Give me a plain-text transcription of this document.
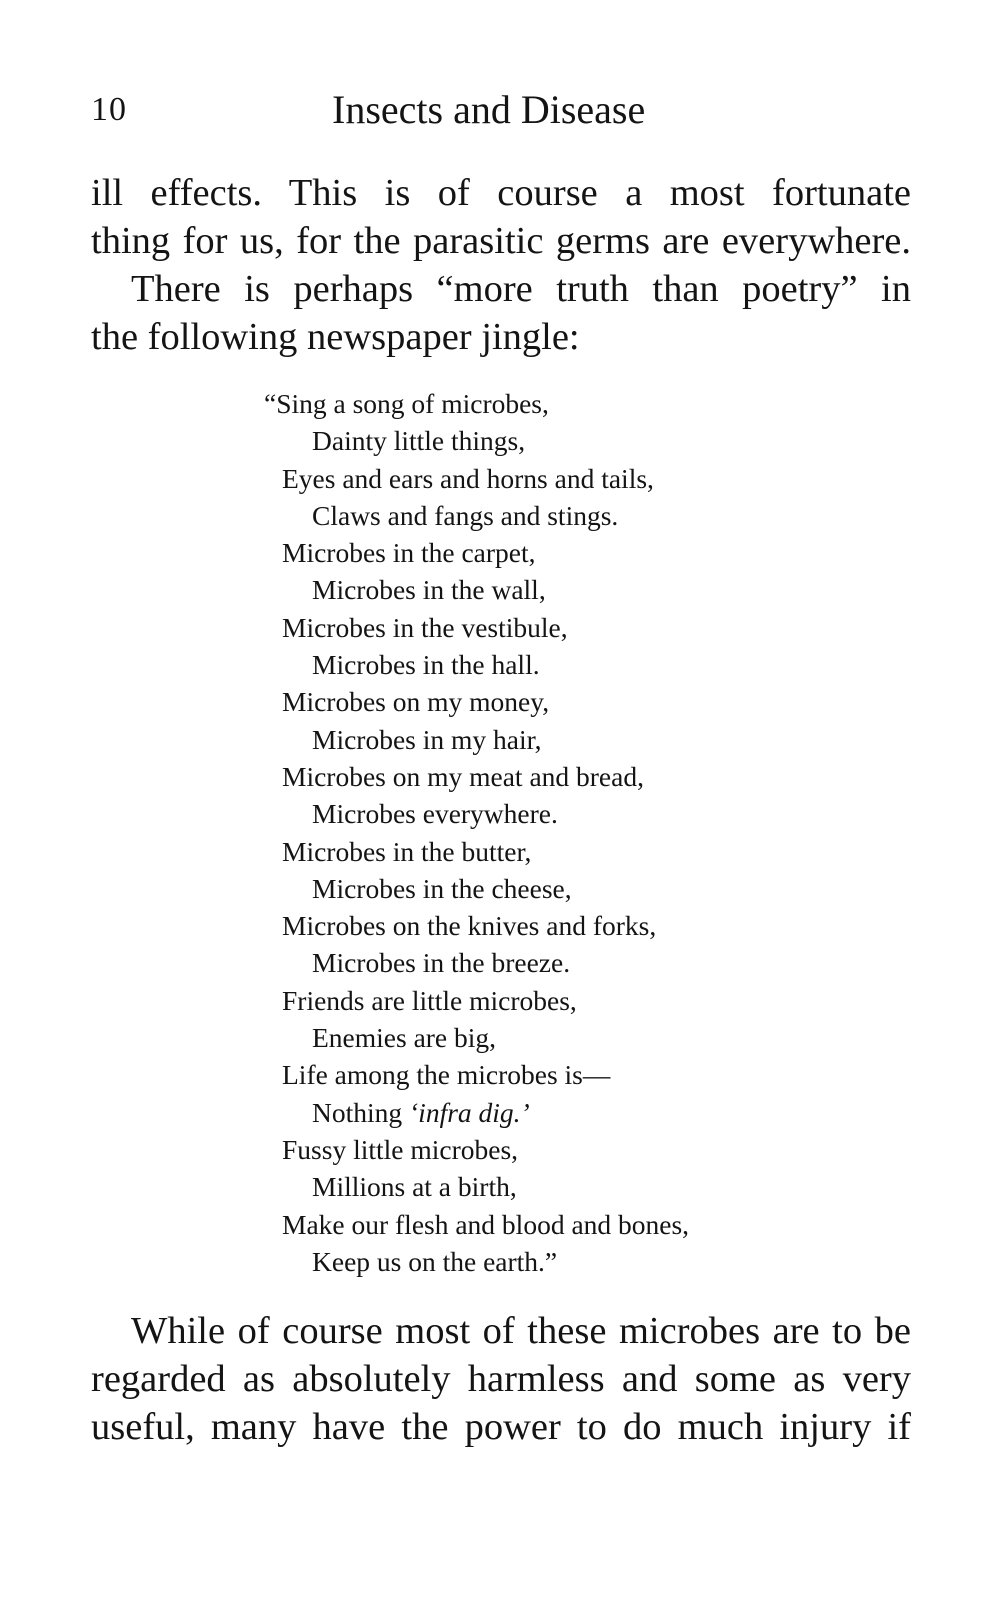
10	Insects and Disease

ill effects. This is of course a most fortunate
thing for us, for the parasitic germs are everywhere.
There is perhaps “more truth than poetry” in
the following newspaper jingle:

“Sing a song of microbes,
Dainty little things,
Eyes and ears and horns and tails,
Claws and fangs and stings.
Microbes in the carpet,
Microbes in the wall,
Microbes in the vestibule,
Microbes in the hall.
Microbes on my money,
Microbes in my hair,
Microbes on my meat and bread,
Microbes everywhere.
Microbes in the butter,
Microbes in the cheese,
Microbes on the knives and forks,
Microbes in the breeze.
Friends are little microbes,
Enemies are big,
Life among the microbes is—
Nothing ‘infra dig.’
Fussy little microbes,
Millions at a birth,
Make our flesh and blood and bones,
Keep us on the earth.”

While of course most of these microbes are to be
regarded as absolutely harmless and some as very
useful, many have the power to do much injury if
